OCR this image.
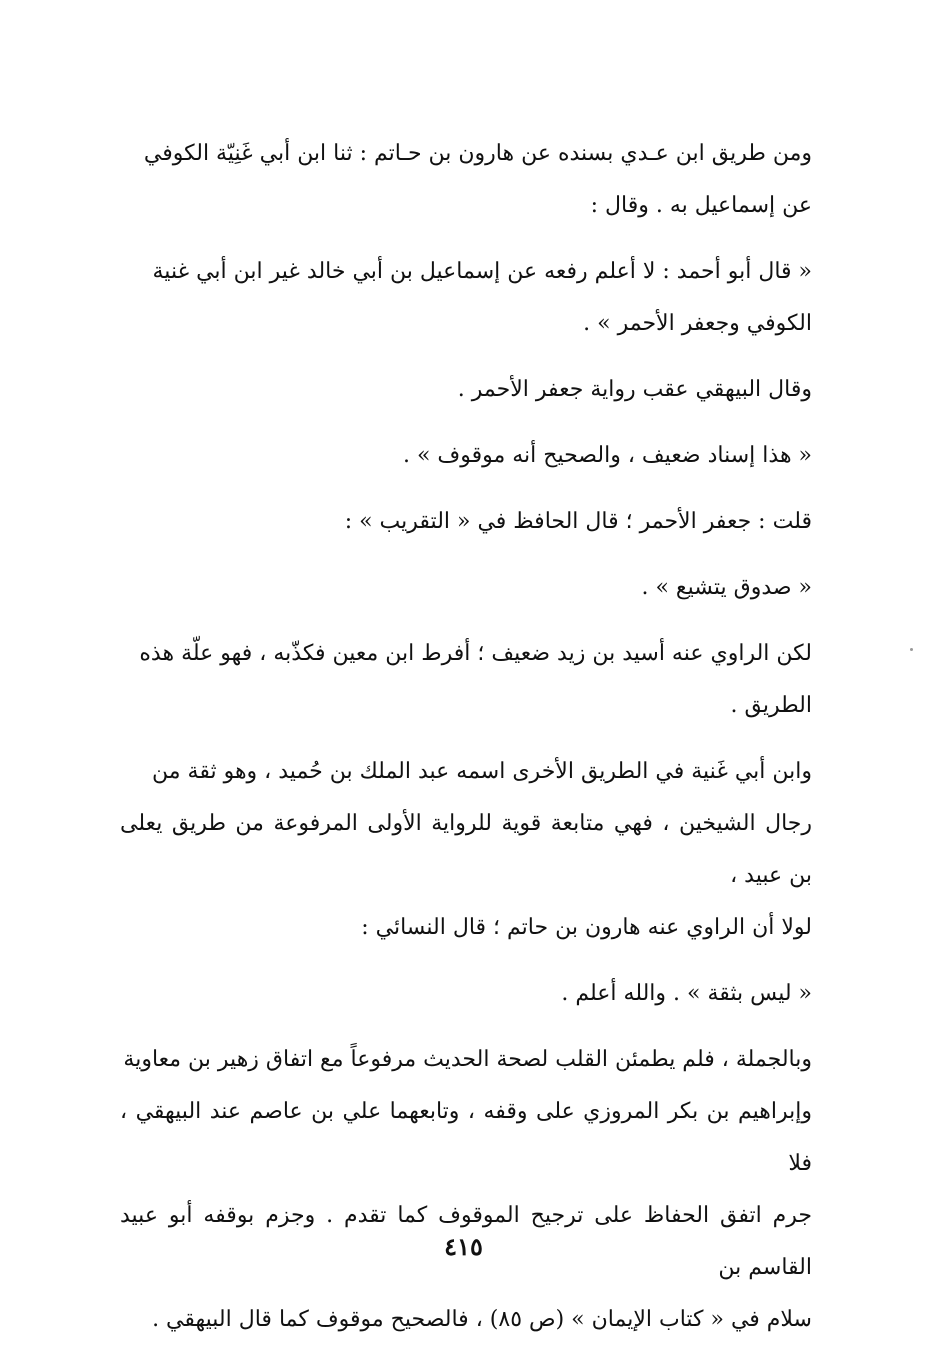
ومن طريق ابن عـدي بسنده عن هارون بن حـاتم : ثنا ابن أبي غَنِيّة الكوفي
عن إسماعيل به . وقال :
« قال أبو أحمد : لا أعلم رفعه عن إسماعيل بن أبي خالد غير ابن أبي غنية
الكوفي وجعفر الأحمر » .
وقال البيهقي عقب رواية جعفر الأحمر .
« هذا إسناد ضعيف ، والصحيح أنه موقوف » .
قلت : جعفر الأحمر ؛ قال الحافظ في « التقريب » :
« صدوق يتشيع » .
لكن الراوي عنه أسيد بن زيد ضعيف ؛ أفرط ابن معين فكذّبه ، فهو علّة هذه
الطريق .
وابن أبي غَنية في الطريق الأخرى اسمه عبد الملك بن حُميد ، وهو ثقة من
رجال الشيخين ، فهي متابعة قوية للرواية الأولى المرفوعة من طريق يعلى بن عبيد ،
لولا أن الراوي عنه هارون بن حاتم ؛ قال النسائي :
« ليس بثقة » . والله أعلم .
وبالجملة ، فلم يطمئن القلب لصحة الحديث مرفوعاً مع اتفاق زهير بن معاوية
وإبراهيم بن بكر المروزي على وقفه ، وتابعهما علي بن عاصم عند البيهقي ، فلا
جرم اتفق الحفاظ على ترجيح الموقوف كما تقدم . وجزم بوقفه أبو عبيد القاسم بن
سلام في « كتاب الإيمان » (ص ٨٥) ، فالصحيح موقوف كما قال البيهقي .
٤١٥
